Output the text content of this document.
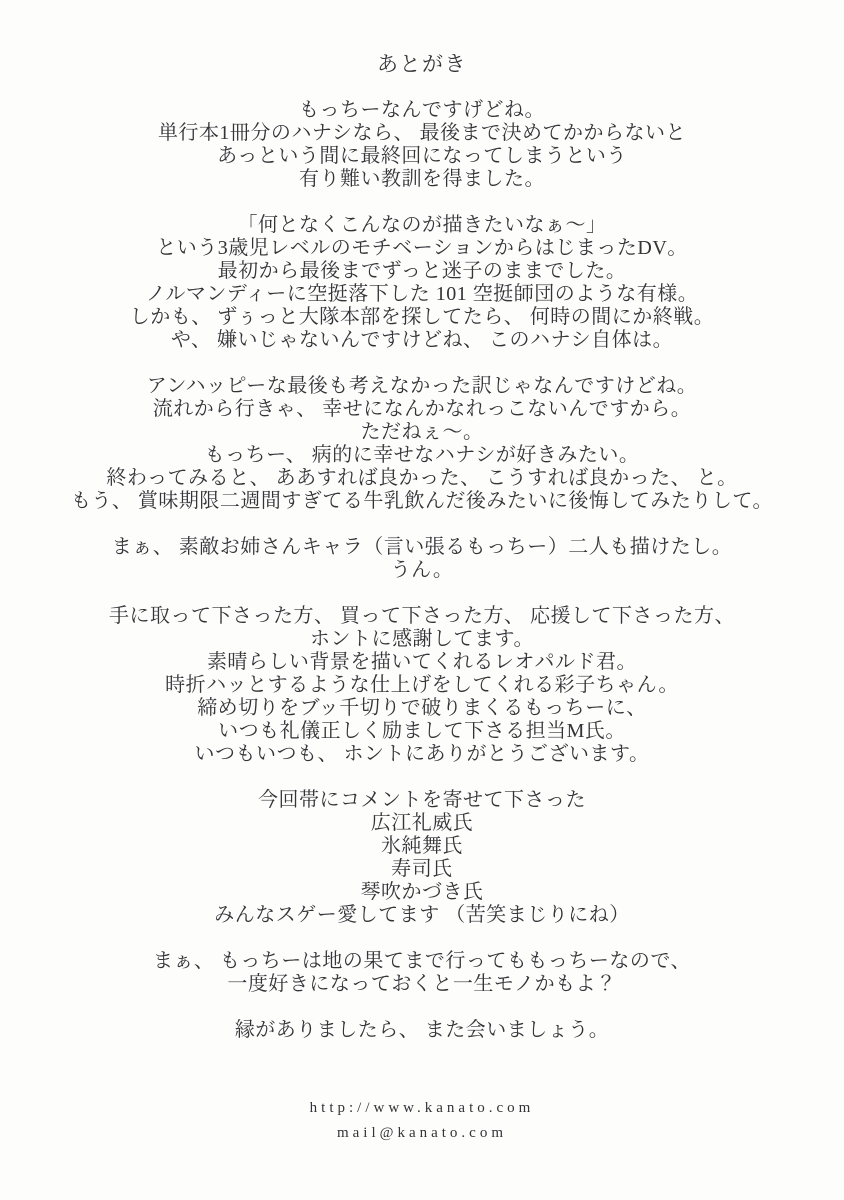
あとがき
もっちーなんですげどね。
単行本1冊分のハナシなら、 最後まで決めてかからないと
あっという間に最終回になってしまうという
有り難い教訓を得ました。
「何となくこんなのが描きたいなぁ～」
という3歳児レベルのモチベーションからはじまったDV。
最初から最後までずっと迷子のままでした。
ノルマンディーに空挺落下した 101 空挺師団のような有様。
しかも、 ずぅっと大隊本部を探してたら、 何時の間にか終戦。
や、 嫌いじゃないんですけどね、 このハナシ自体は。
アンハッピーな最後も考えなかった訳じゃなんですけどね。
流れから行きゃ、 幸せになんかなれっこないんですから。
ただねぇ～。
もっちー、 病的に幸せなハナシが好きみたい。
終わってみると、 ああすれば良かった、 こうすれば良かった、 と。
もう、 賞味期限二週間すぎてる牛乳飲んだ後みたいに後悔してみたりして。
まぁ、 素敵お姉さんキャラ（言い張るもっちー）二人も描けたし。
うん。
手に取って下さった方、 買って下さった方、 応援して下さった方、
ホントに感謝してます。
素晴らしい背景を描いてくれるレオパルド君。
時折ハッとするような仕上げをしてくれる彩子ちゃん。
締め切りをブッ千切りで破りまくるもっちーに、
いつも礼儀正しく励まして下さる担当M氏。
いつもいつも、 ホントにありがとうございます。
今回帯にコメントを寄せて下さった
広江礼威氏
氷純舞氏
寿司氏
琴吹かづき氏
みんなスゲー愛してます （苦笑まじりにね）
まぁ、 もっちーは地の果てまで行ってももっちーなので、
一度好きになっておくと一生モノかもよ？
縁がありましたら、 また会いましょう。
http://www.kanato.com
mail@kanato.com
